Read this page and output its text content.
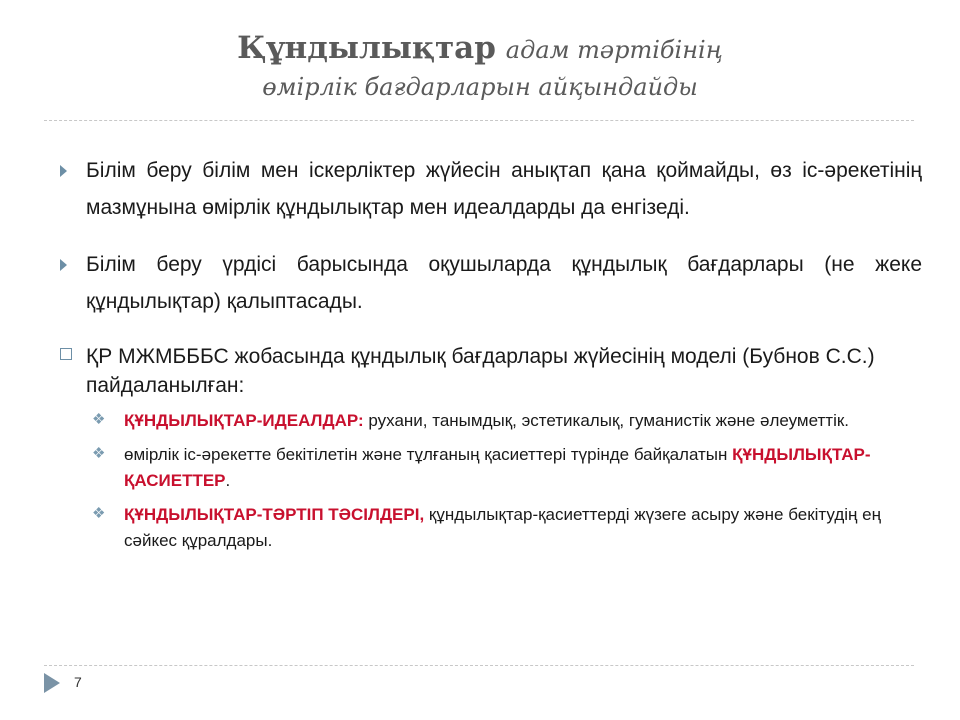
Құндылықтар адам тәртібінің
өмірлік бағдарларын айқындайды
Білім беру білім мен іскерліктер жүйесін анықтап қана қоймайды, өз іс-әрекетінің мазмұнына өмірлік құндылықтар мен идеалдарды да енгізеді.
Білім беру үрдісі барысында оқушыларда құндылық бағдарлары (не жеке құндылықтар) қалыптасады.
ҚР МЖМБББС жобасында құндылық бағдарлары жүйесінің моделі (Бубнов С.С.) пайдаланылған:
❖ ҚҰНДЫЛЫҚТАР-ИДЕАЛДАР: рухани, танымдық, эстетикалық, гуманистік және әлеуметтік.
❖ өмірлік іс-әрекетте бекітілетін және тұлғаның қасиеттері түрінде байқалатын ҚҰНДЫЛЫҚТАР-ҚАСИЕТТЕР.
❖ ҚҰНДЫЛЫҚТАР-ТӘРТІП ТӘСІЛДЕРІ, құндылықтар-қасиеттерді жүзеге асыру және бекітудің ең сәйкес құралдары.
7
